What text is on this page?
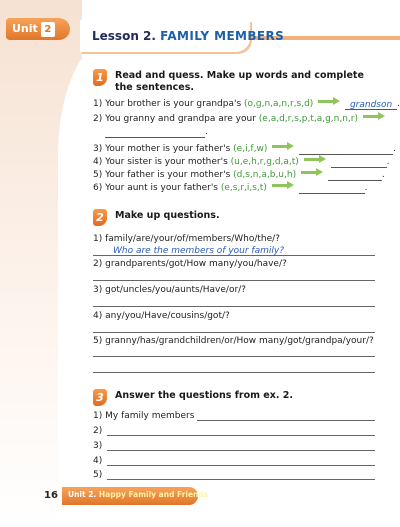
Unit 2	Lesson 2. FAMILY MEMBERS
1	Read and quess. Make up words and complete the sentences.
1) Your brother is your grandpa's (o,g,n,a,n,r,s,d)	grandson .
2) You granny and grandpa are your (e,a,d,r,s,p,t,a,g,n,n,r)
.
3) Your mother is your father's (e,i,f,w)	.
4) Your sister is your mother's (u,e,h,r,g,d,a,t)	.
5) Your father is your mother's (d,s,n,a,b,u,h)	.
6) Your aunt is your father's (e,s,r,i,s,t)	.
2	Make up questions.
1) family/are/your/of/members/Who/the/?
Who are the members of your family?
2) grandparents/got/How many/you/have/?
3) got/uncles/you/aunts/Have/or/?
4) any/you/Have/cousins/got/?
5) granny/has/grandchildren/or/How many/got/grandpa/your/?
3	Answer the questions from ex. 2.
1) My family members
2)
3)
4)
5)
16 Unit 2. Happy Family and Friends
